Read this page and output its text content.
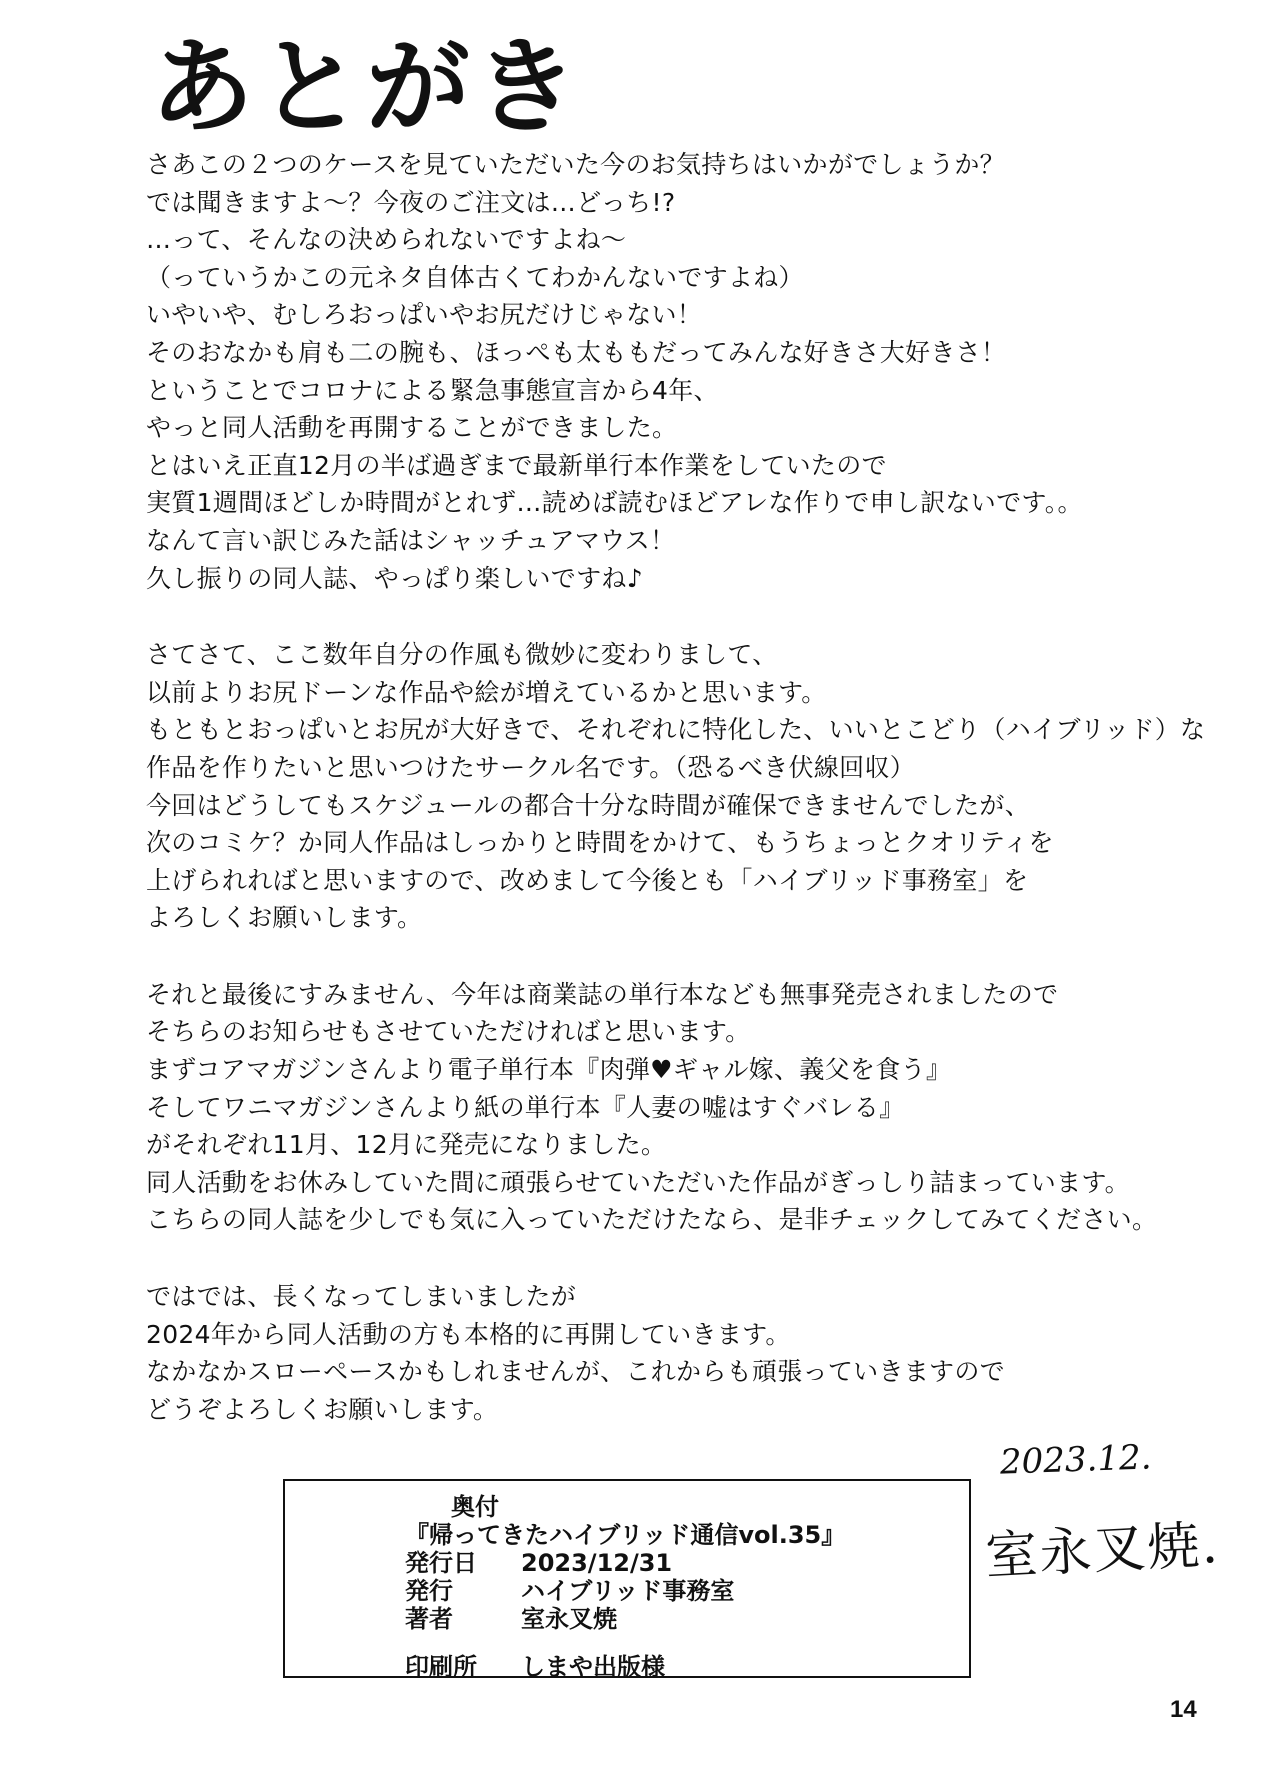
あとがき
さあこの２つのケースを見ていただいた今のお気持ちはいかがでしょうか？
では聞きますよ～？今夜のご注文は…どっち!?
…って、そんなの決められないですよね～
（っていうかこの元ネタ自体古くてわかんないですよね）
いやいや、むしろおっぱいやお尻だけじゃない！
そのおなかも肩も二の腕も、ほっぺも太ももだってみんな好きさ大好きさ！
ということでコロナによる緊急事態宣言から4年、
やっと同人活動を再開することができました。
とはいえ正直12月の半ば過ぎまで最新単行本作業をしていたので
実質1週間ほどしか時間がとれず…読めば読むほどアレな作りで申し訳ないです。。
なんて言い訳じみた話はシャッチュアマウス！
久し振りの同人誌、やっぱり楽しいですね♪
さてさて、ここ数年自分の作風も微妙に変わりまして、
以前よりお尻ドーンな作品や絵が増えているかと思います。
もともとおっぱいとお尻が大好きで、それぞれに特化した、いいとこどり（ハイブリッド）な
作品を作りたいと思いつけたサークル名です。（恐るべき伏線回収）
今回はどうしてもスケジュールの都合十分な時間が確保できませんでしたが、
次のコミケ？か同人作品はしっかりと時間をかけて、もうちょっとクオリティを
上げられればと思いますので、改めまして今後とも「ハイブリッド事務室」を
よろしくお願いします。
それと最後にすみません、今年は商業誌の単行本なども無事発売されましたので
そちらのお知らせもさせていただければと思います。
まずコアマガジンさんより電子単行本『肉弾♥ギャル嫁、義父を食う』
そしてワニマガジンさんより紙の単行本『人妻の嘘はすぐバレる』
がそれぞれ11月、12月に発売になりました。
同人活動をお休みしていた間に頑張らせていただいた作品がぎっしり詰まっています。
こちらの同人誌を少しでも気に入っていただけたなら、是非チェックしてみてください。
ではでは、長くなってしまいましたが
2024年から同人活動の方も本格的に再開していきます。
なかなかスローペースかもしれませんが、これからも頑張っていきますので
どうぞよろしくお願いします。
奥付
『帰ってきたハイブリッド通信vol.35』
発行日 2023/12/31
発行	ハイブリッド事務室
著者	室永叉焼
印刷所 しまや出版様
2023.12.
室永叉焼.
14
